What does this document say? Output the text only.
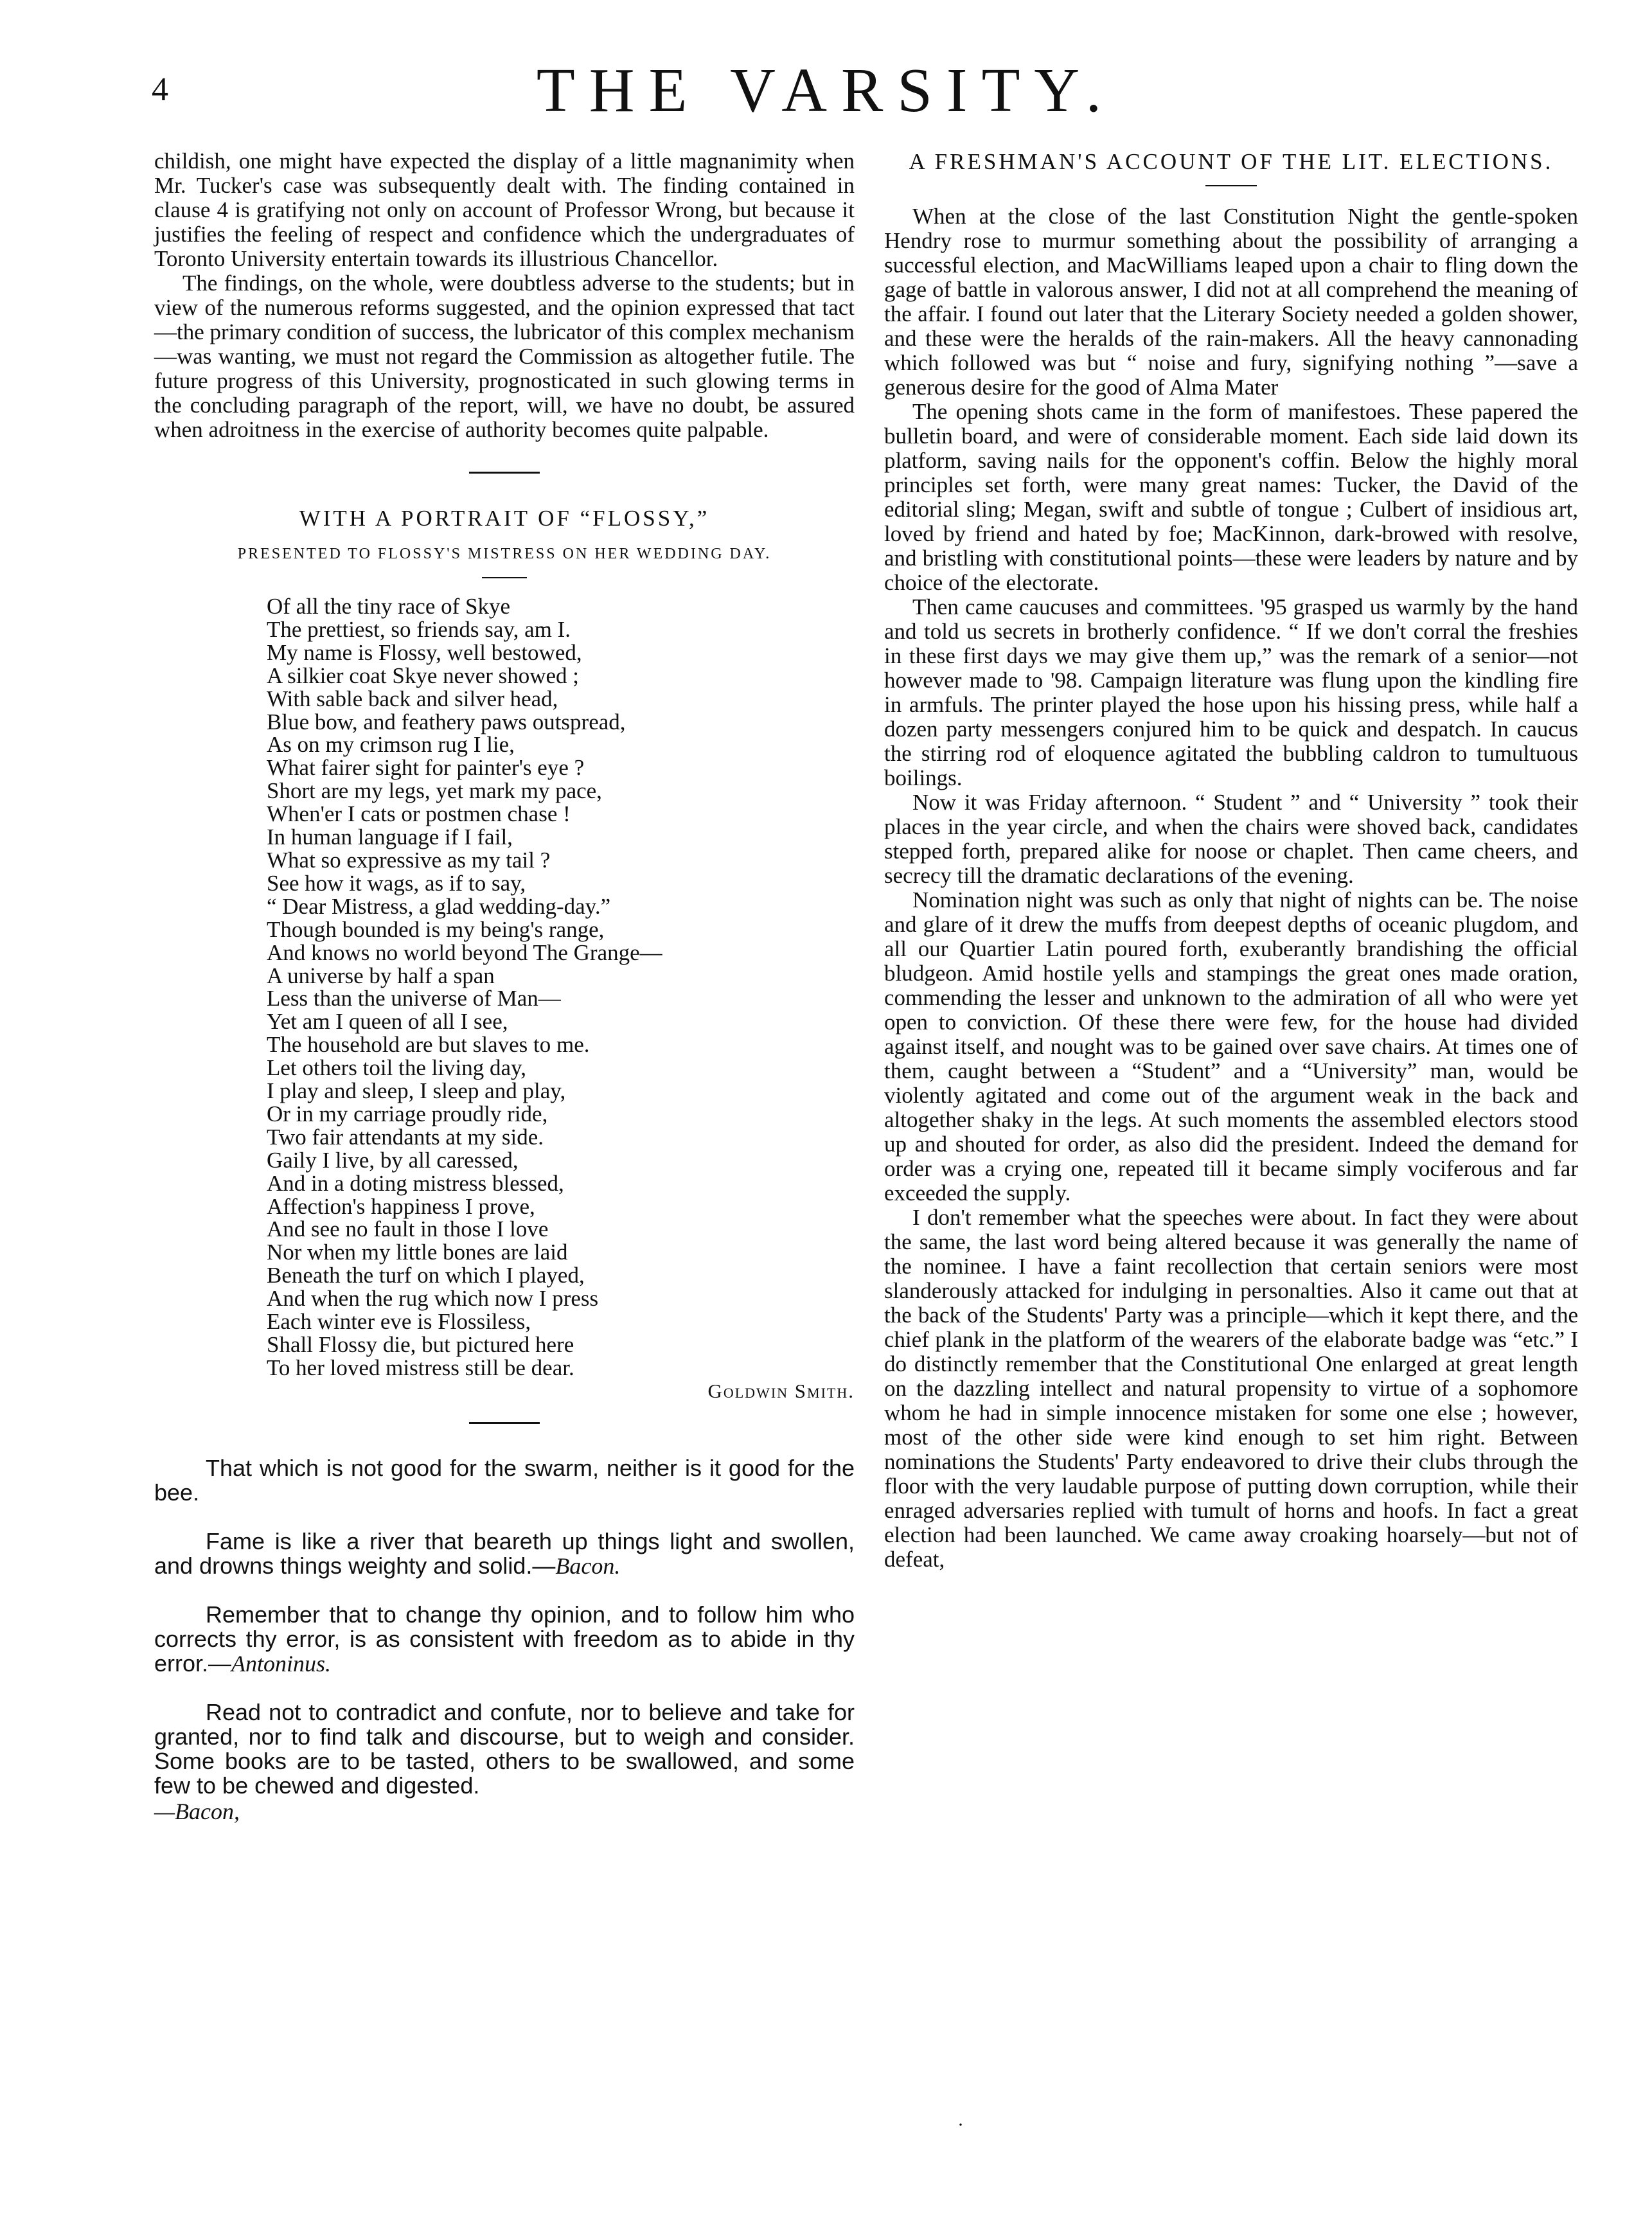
4	THE VARSITY.

childish, one might have expected the display of a little magnanimity when Mr. Tucker's case was subsequently dealt with. The finding contained in clause 4 is gratifying not only on account of Professor Wrong, but because it justifies the feeling of respect and confidence which the undergraduates of Toronto University entertain towards its illustrious Chancellor.

The findings, on the whole, were doubtless adverse to the students; but in view of the numerous reforms suggested, and the opinion expressed that tact—the primary condition of success, the lubricator of this complex mechanism—was wanting, we must not regard the Commission as altogether futile. The future progress of this University, prognosticated in such glowing terms in the concluding paragraph of the report, will, we have no doubt, be assured when adroitness in the exercise of authority becomes quite palpable.

WITH A PORTRAIT OF “FLOSSY,”

PRESENTED TO FLOSSY'S MISTRESS ON HER WEDDING DAY.

Of all the tiny race of Skye
The prettiest, so friends say, am I.
My name is Flossy, well bestowed,
A silkier coat Skye never showed ;
With sable back and silver head,
Blue bow, and feathery paws outspread,
As on my crimson rug I lie,
What fairer sight for painter's eye ?
Short are my legs, yet mark my pace,
When'er I cats or postmen chase !
In human language if I fail,
What so expressive as my tail ?
See how it wags, as if to say,
“ Dear Mistress, a glad wedding-day.”
Though bounded is my being's range,
And knows no world beyond The Grange—
A universe by half a span
Less than the universe of Man—
Yet am I queen of all I see,
The household are but slaves to me.
Let others toil the living day,
I play and sleep, I sleep and play,
Or in my carriage proudly ride,
Two fair attendants at my side.
Gaily I live, by all caressed,
And in a doting mistress blessed,
Affection's happiness I prove,
And see no fault in those I love
Nor when my little bones are laid
Beneath the turf on which I played,
And when the rug which now I press
Each winter eve is Flossiless,
Shall Flossy die, but pictured here
To her loved mistress still be dear.

Goldwin Smith.

That which is not good for the swarm, neither is it good for the bee.

Fame is like a river that beareth up things light and swollen, and drowns things weighty and solid.—Bacon.

Remember that to change thy opinion, and to follow him who corrects thy error, is as consistent with freedom as to abide in thy error.—Antoninus.

Read not to contradict and confute, nor to believe and take for granted, nor to find talk and discourse, but to weigh and consider. Some books are to be tasted, others to be swallowed, and some few to be chewed and digested.

—Bacon,

A FRESHMAN'S ACCOUNT OF THE LIT. ELECTIONS.

When at the close of the last Constitution Night the gentle-spoken Hendry rose to murmur something about the possibility of arranging a successful election, and MacWilliams leaped upon a chair to fling down the gage of battle in valorous answer, I did not at all comprehend the meaning of the affair. I found out later that the Literary Society needed a golden shower, and these were the heralds of the rain-makers. All the heavy cannonading which followed was but “ noise and fury, signifying nothing ”—save a generous desire for the good of Alma Mater

The opening shots came in the form of manifestoes. These papered the bulletin board, and were of considerable moment. Each side laid down its platform, saving nails for the opponent's coffin. Below the highly moral principles set forth, were many great names: Tucker, the David of the editorial sling; Megan, swift and subtle of tongue ; Culbert of insidious art, loved by friend and hated by foe; MacKinnon, dark-browed with resolve, and bristling with constitutional points—these were leaders by nature and by choice of the electorate.

Then came caucuses and committees. '95 grasped us warmly by the hand and told us secrets in brotherly confidence. “ If we don't corral the freshies in these first days we may give them up,” was the remark of a senior—not however made to '98. Campaign literature was flung upon the kindling fire in armfuls. The printer played the hose upon his hissing press, while half a dozen party messengers conjured him to be quick and despatch. In caucus the stirring rod of eloquence agitated the bubbling caldron to tumultuous boilings.

Now it was Friday afternoon. “ Student ” and “ University ” took their places in the year circle, and when the chairs were shoved back, candidates stepped forth, prepared alike for noose or chaplet. Then came cheers, and secrecy till the dramatic declarations of the evening.

Nomination night was such as only that night of nights can be. The noise and glare of it drew the muffs from deepest depths of oceanic plugdom, and all our Quartier Latin poured forth, exuberantly brandishing the official bludgeon. Amid hostile yells and stampings the great ones made oration, commending the lesser and unknown to the admiration of all who were yet open to conviction. Of these there were few, for the house had divided against itself, and nought was to be gained over save chairs. At times one of them, caught between a “Student” and a “University” man, would be violently agitated and come out of the argument weak in the back and altogether shaky in the legs. At such moments the assembled electors stood up and shouted for order, as also did the president. Indeed the demand for order was a crying one, repeated till it became simply vociferous and far exceeded the supply.

I don't remember what the speeches were about. In fact they were about the same, the last word being altered because it was generally the name of the nominee. I have a faint recollection that certain seniors were most slanderously attacked for indulging in personalties. Also it came out that at the back of the Students' Party was a principle—which it kept there, and the chief plank in the platform of the wearers of the elaborate badge was “etc.” I do distinctly remember that the Constitutional One enlarged at great length on the dazzling intellect and natural propensity to virtue of a sophomore whom he had in simple innocence mistaken for some one else ; however, most of the other side were kind enough to set him right. Between nominations the Students' Party endeavored to drive their clubs through the floor with the very laudable purpose of putting down corruption, while their enraged adversaries replied with tumult of horns and hoofs. In fact a great election had been launched. We came away croaking hoarsely—but not of defeat,

·
